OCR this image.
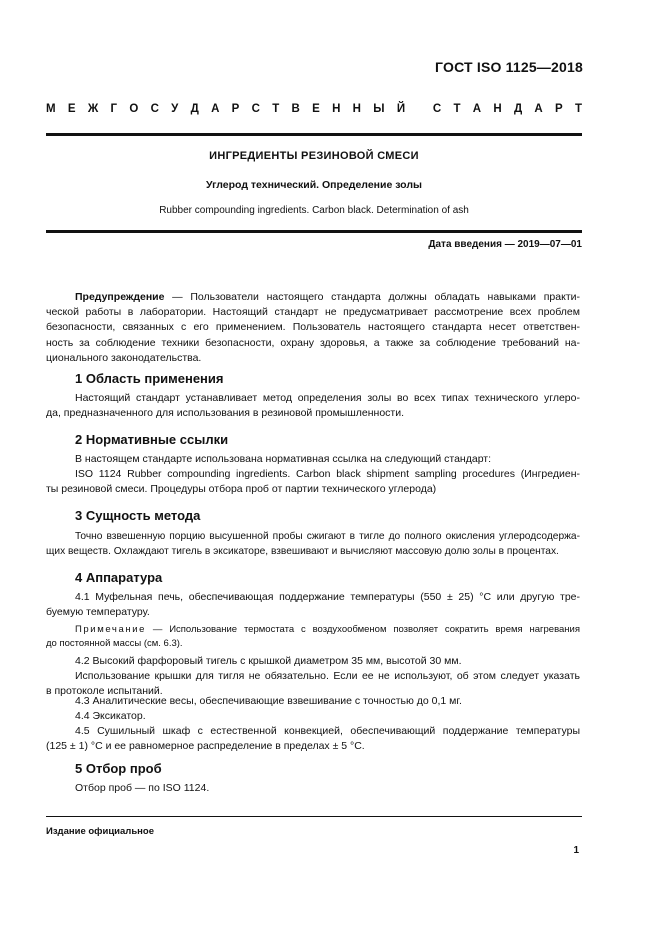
ГОСТ ISO 1125—2018
М Е Ж Г О С У Д А Р С Т В Е Н Н Ы Й
С Т А Н Д А Р Т
ИНГРЕДИЕНТЫ РЕЗИНОВОЙ СМЕСИ
Углерод технический. Определение золы
Rubber compounding ingredients. Carbon black. Determination of ash
Дата введения — 2019—07—01
Предупреждение — Пользователи настоящего стандарта должны обладать навыками практи-
ческой работы в лаборатории. Настоящий стандарт не предусматривает рассмотрение всех проблем
безопасности, связанных с его применением. Пользователь настоящего стандарта несет ответствен-
ность за соблюдение техники безопасности, охрану здоровья, а также за соблюдение требований на-
ционального законодательства.
1 Область применения
Настоящий стандарт устанавливает метод определения золы во всех типах технического углеро-
да, предназначенного для использования в резиновой промышленности.
2 Нормативные ссылки
В настоящем стандарте использована нормативная ссылка на следующий стандарт:
ISO 1124 Rubber compounding ingredients. Carbon black shipment sampling procedures (Ингредиен-
ты резиновой смеси. Процедуры отбора проб от партии технического углерода)
3 Сущность метода
Точно взвешенную порцию высушенной пробы сжигают в тигле до полного окисления углеродсодержа-
щих веществ. Охлаждают тигель в эксикаторе, взвешивают и вычисляют массовую долю золы в процентах.
4 Аппаратура
4.1 Муфельная печь, обеспечивающая поддержание температуры (550 ± 25) °С или другую тре-
буемую температуру.
Примечание — Использование термостата с воздухообменом позволяет сократить время нагревания
до постоянной массы (см. 6.3).
4.2 Высокий фарфоровый тигель с крышкой диаметром 35 мм, высотой 30 мм.
Использование крышки для тигля не обязательно. Если ее не используют, об этом следует указать
в протоколе испытаний.
4.3 Аналитические весы, обеспечивающие взвешивание с точностью до 0,1 мг.
4.4 Эксикатор.
4.5 Сушильный шкаф с естественной конвекцией, обеспечивающий поддержание температуры
(125 ± 1) °С и ее равномерное распределение в пределах ± 5 °С.
5 Отбор проб
Отбор проб — по ISO 1124.
Издание официальное
1
